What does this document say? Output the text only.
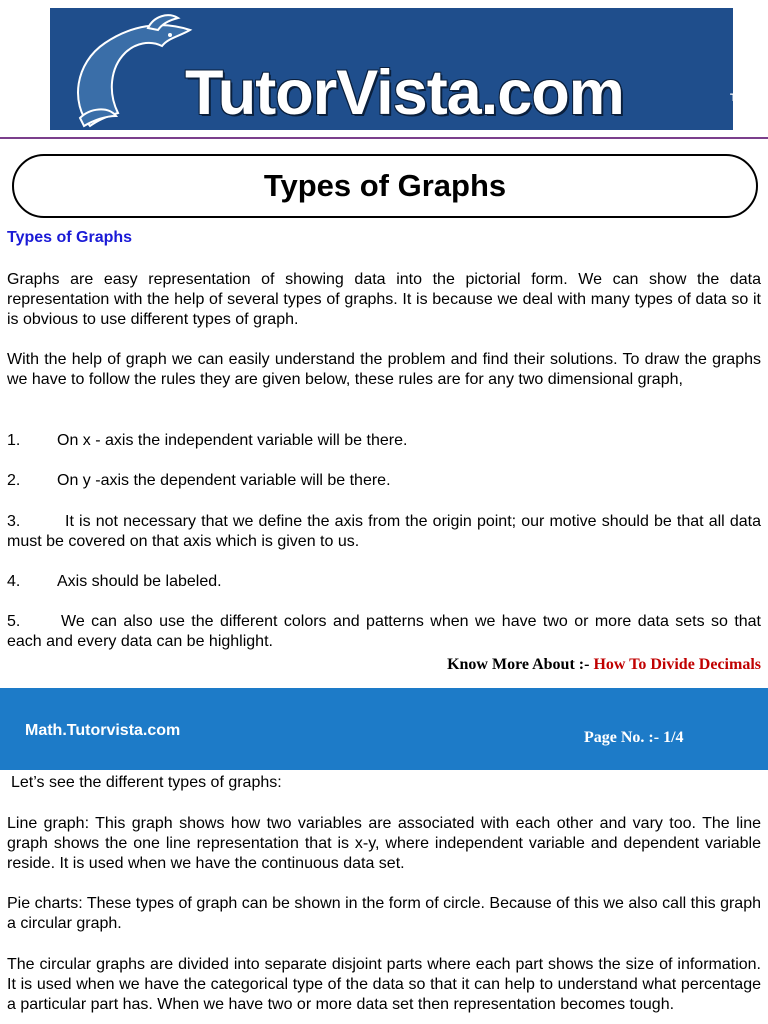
TutorVista.com	TM
Types of Graphs
Types of Graphs

Graphs are easy representation of showing data into the pictorial form. We can show the data representation with the help of several types of graphs. It is because we deal with many types of data so it is obvious to use different types of graph.

With the help of graph we can easily understand the problem and find their solutions. To draw the graphs we have to follow the rules they are given below, these rules are for any two dimensional graph,

1. On x - axis the independent variable will be there.

2. On y -axis the dependent variable will be there.

3.	It is not necessary that we define the axis from the origin point; our motive should be that all data must be covered on that axis which is given to us.

4. Axis should be labeled.

5.	We can also use the different colors and patterns when we have two or more data sets so that each and every data can be highlight.

Know More About :- How To Divide Decimals
Math.Tutorvista.com	Page No. :- 1/4

Let’s see the different types of graphs:

Line graph: This graph shows how two variables are associated with each other and vary too. The line graph shows the one line representation that is x-y, where independent variable and dependent variable reside. It is used when we have the continuous data set.

Pie charts: These types of graph can be shown in the form of circle. Because of this we also call this graph a circular graph.

The circular graphs are divided into separate disjoint parts where each part shows the size of information. It is used when we have the categorical type of the data so that it can help to understand what percentage a particular part has. When we have two or more data set then representation becomes tough.
